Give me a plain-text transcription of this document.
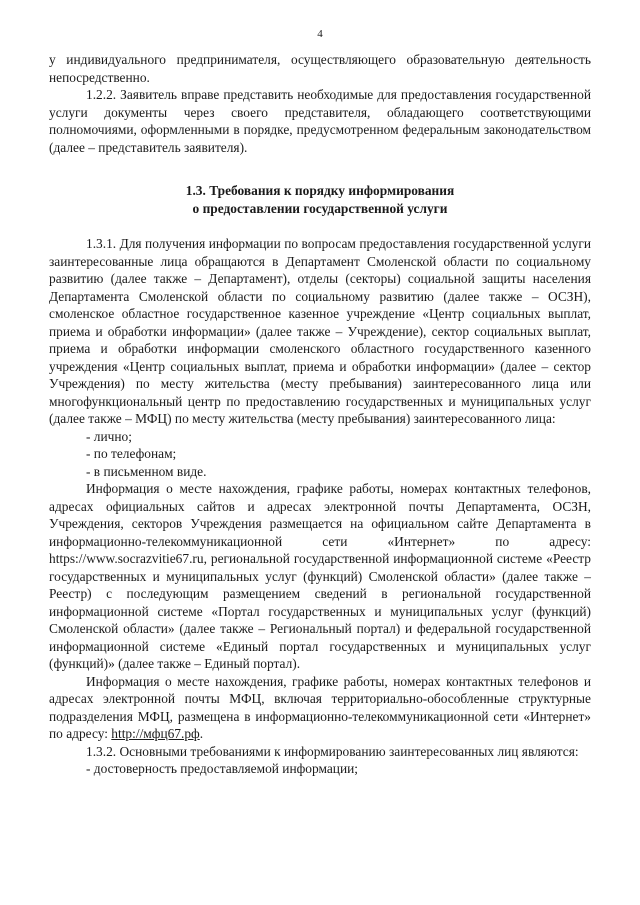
4

у индивидуального предпринимателя, осуществляющего образовательную деятельность непосредственно.

1.2.2. Заявитель вправе представить необходимые для предоставления государственной услуги документы через своего представителя, обладающего соответствующими полномочиями, оформленными в порядке, предусмотренном федеральным законодательством (далее – представитель заявителя).

1.3. Требования к порядку информирования
о предоставлении государственной услуги

1.3.1. Для получения информации по вопросам предоставления государственной услуги заинтересованные лица обращаются в Департамент Смоленской области по социальному развитию (далее также – Департамент), отделы (секторы) социальной защиты населения Департамента Смоленской области по социальному развитию (далее также – ОСЗН), смоленское областное государственное казенное учреждение «Центр социальных выплат, приема и обработки информации» (далее также – Учреждение), сектор социальных выплат, приема и обработки информации смоленского областного государственного казенного учреждения «Центр социальных выплат, приема и обработки информации» (далее – сектор Учреждения) по месту жительства (месту пребывания) заинтересованного лица или многофункциональный центр по предоставлению государственных и муниципальных услуг (далее также – МФЦ) по месту жительства (месту пребывания) заинтересованного лица:

- лично;

- по телефонам;

- в письменном виде.

Информация о месте нахождения, графике работы, номерах контактных телефонов, адресах официальных сайтов и адресах электронной почты Департамента, ОСЗН, Учреждения, секторов Учреждения размещается на официальном сайте Департамента в информационно-телекоммуникационной сети «Интернет» по адресу: https://www.socrazvitie67.ru, региональной государственной информационной системе «Реестр государственных и муниципальных услуг (функций) Смоленской области» (далее также – Реестр) с последующим размещением сведений в региональной государственной информационной системе «Портал государственных и муниципальных услуг (функций) Смоленской области» (далее также – Региональный портал) и федеральной государственной информационной системе «Единый портал государственных и муниципальных услуг (функций)» (далее также – Единый портал).

Информация о месте нахождения, графике работы, номерах контактных телефонов и адресах электронной почты МФЦ, включая территориально-обособленные структурные подразделения МФЦ, размещена в информационно-телекоммуникационной сети «Интернет» по адресу: http://мфц67.рф.

1.3.2. Основными требованиями к информированию заинтересованных лиц являются:

- достоверность предоставляемой информации;
